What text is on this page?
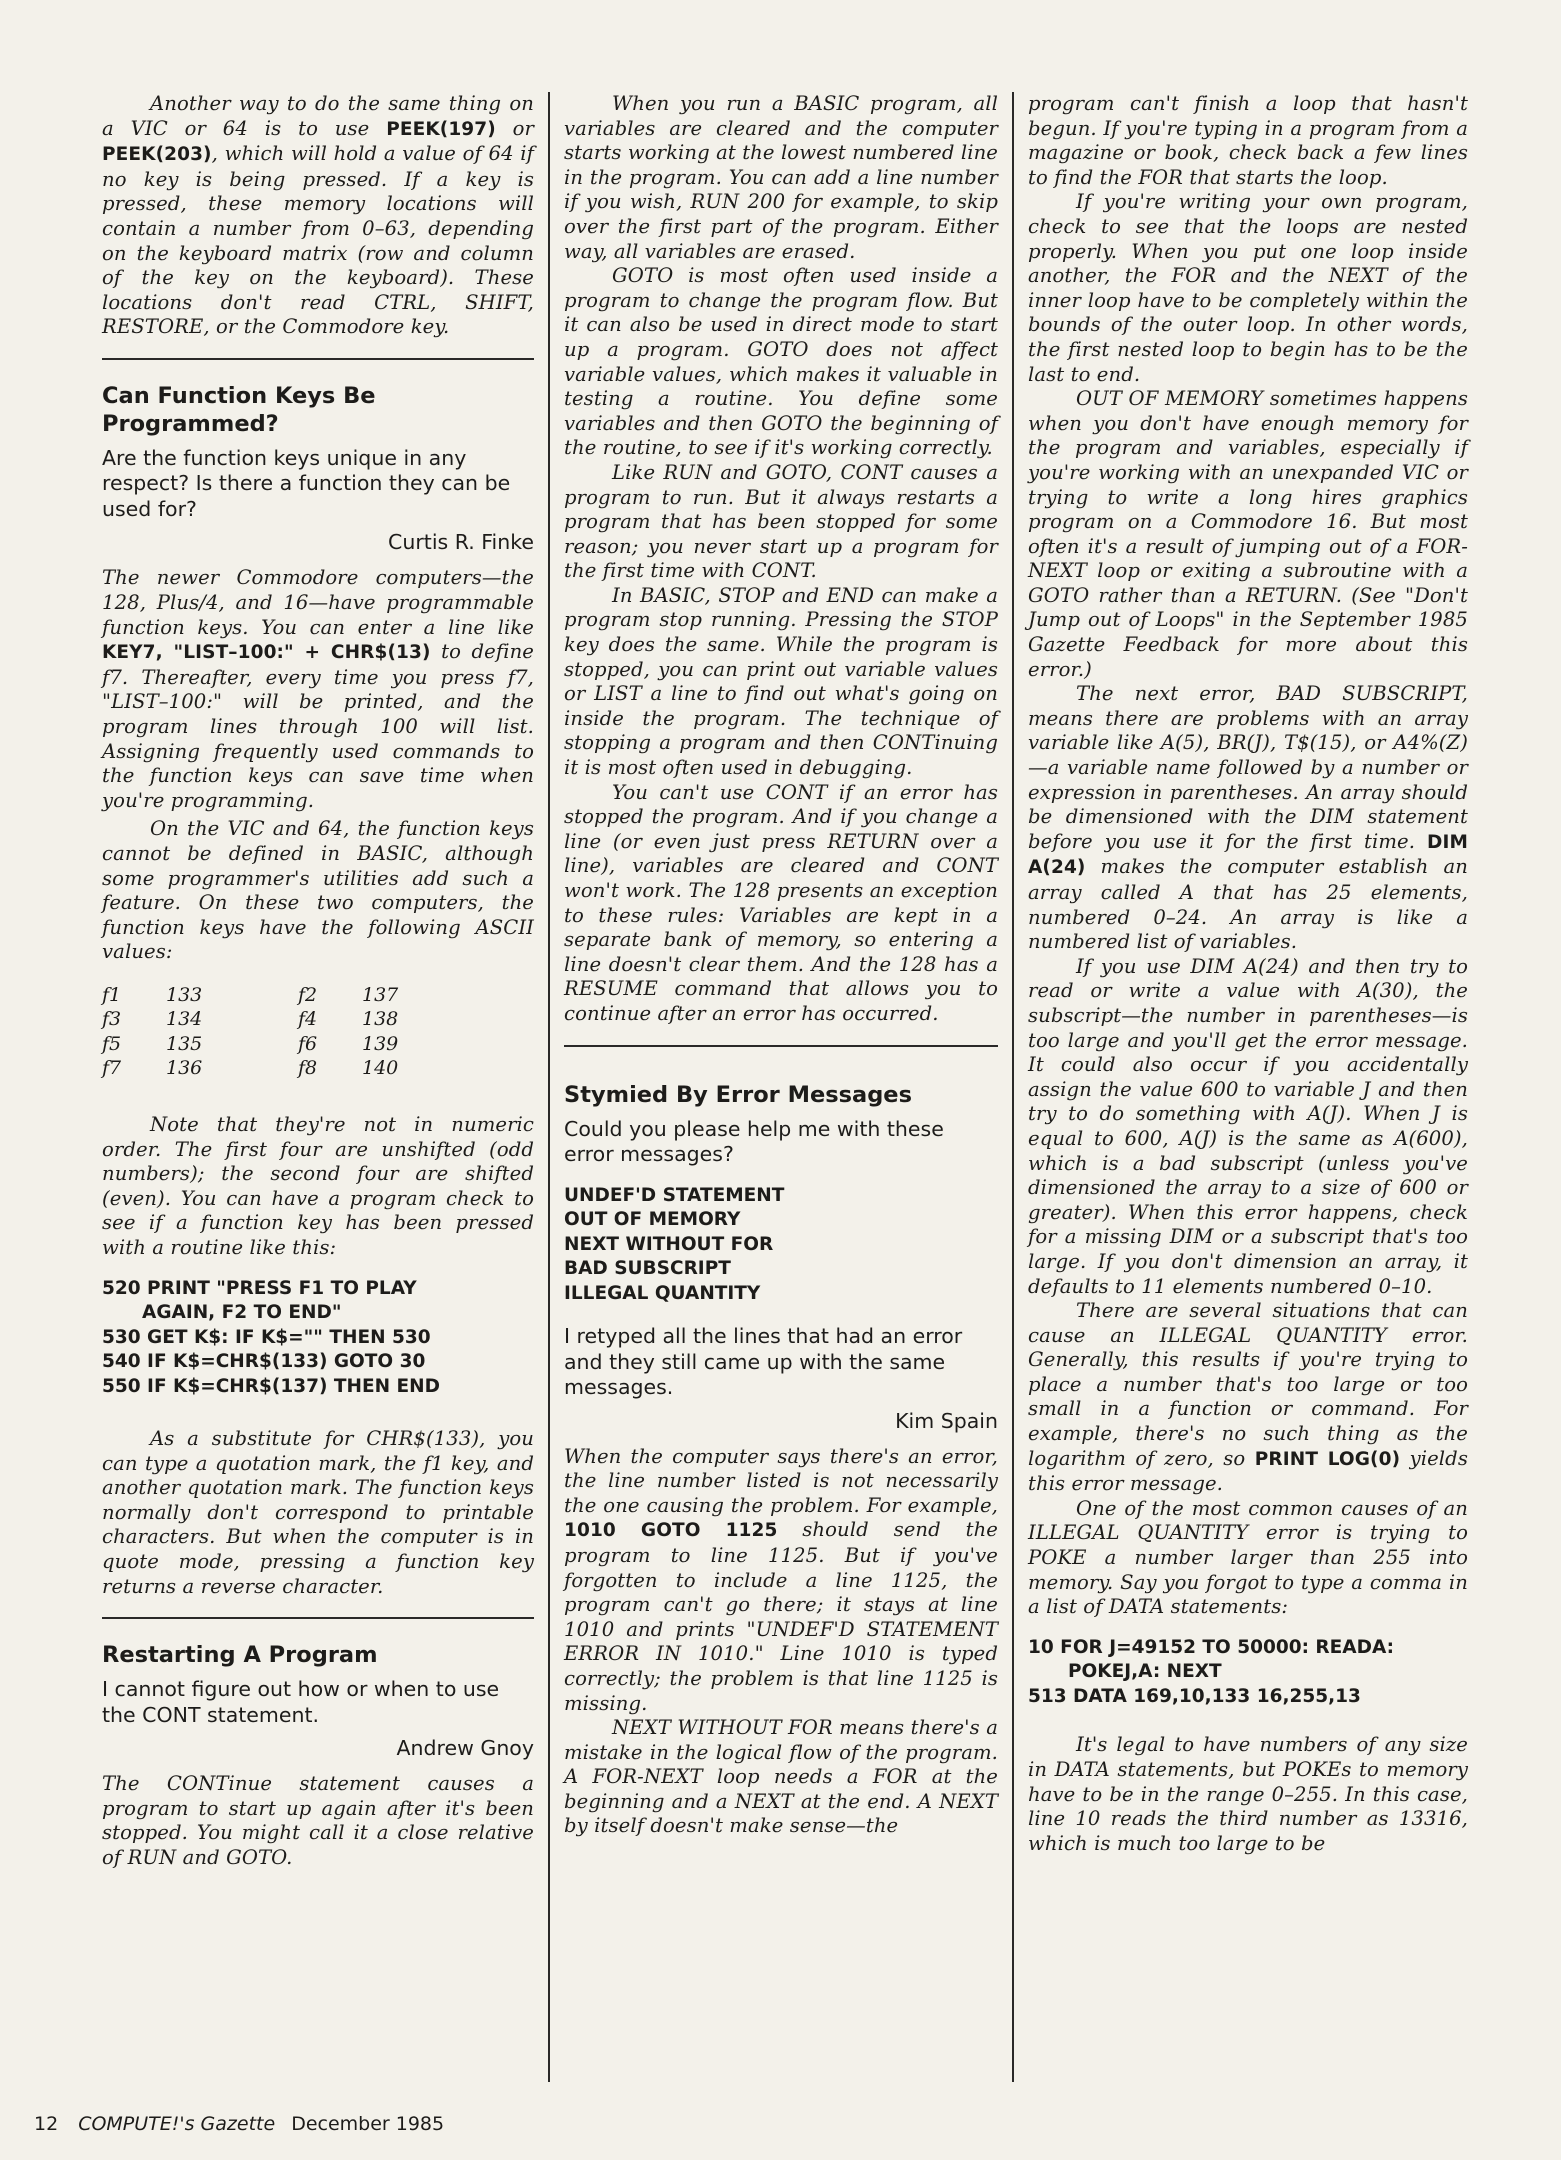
Another way to do the same thing on a VIC or 64 is to use PEEK(197) or PEEK(203), which will hold a value of 64 if no key is being pressed. If a key is pressed, these memory locations will contain a number from 0–63, depending on the keyboard matrix (row and column of the key on the keyboard). These locations don't read CTRL, SHIFT, RESTORE, or the Commodore key.

Can Function Keys Be Programmed?

Are the function keys unique in any respect? Is there a function they can be used for?

Curtis R. Finke

The newer Commodore computers—the 128, Plus/4, and 16—have programmable function keys. You can enter a line like KEY7, "LIST–100:" + CHR$(13) to define f7. Thereafter, every time you press f7, "LIST–100:" will be printed, and the program lines through 100 will list. Assigning frequently used commands to the function keys can save time when you're programming.

On the VIC and 64, the function keys cannot be defined in BASIC, although some programmer's utilities add such a feature. On these two computers, the function keys have the following ASCII values:

f1	133	f2	137
f3	134	f4	138
f5	135	f6	139
f7	136	f8	140

Note that they're not in numeric order. The first four are unshifted (odd numbers); the second four are shifted (even). You can have a program check to see if a function key has been pressed with a routine like this:

520 PRINT "PRESS F1 TO PLAY
AGAIN, F2 TO END"
530 GET K$: IF K$="" THEN 530
540 IF K$=CHR$(133) GOTO 30
550 IF K$=CHR$(137) THEN END

As a substitute for CHR$(133), you can type a quotation mark, the f1 key, and another quotation mark. The function keys normally don't correspond to printable characters. But when the computer is in quote mode, pressing a function key returns a reverse character.

Restarting A Program

I cannot figure out how or when to use the CONT statement.

Andrew Gnoy

The CONTinue statement causes a program to start up again after it's been stopped. You might call it a close relative of RUN and GOTO.

When you run a BASIC program, all variables are cleared and the computer starts working at the lowest numbered line in the program. You can add a line number if you wish, RUN 200 for example, to skip over the first part of the program. Either way, all variables are erased.

GOTO is most often used inside a program to change the program flow. But it can also be used in direct mode to start up a program. GOTO does not affect variable values, which makes it valuable in testing a routine. You define some variables and then GOTO the beginning of the routine, to see if it's working correctly.

Like RUN and GOTO, CONT causes a program to run. But it always restarts a program that has been stopped for some reason; you never start up a program for the first time with CONT.

In BASIC, STOP and END can make a program stop running. Pressing the STOP key does the same. While the program is stopped, you can print out variable values or LIST a line to find out what's going on inside the program. The technique of stopping a program and then CONTinuing it is most often used in debugging.

You can't use CONT if an error has stopped the program. And if you change a line (or even just press RETURN over a line), variables are cleared and CONT won't work. The 128 presents an exception to these rules: Variables are kept in a separate bank of memory, so entering a line doesn't clear them. And the 128 has a RESUME command that allows you to continue after an error has occurred.

Stymied By Error Messages

Could you please help me with these error messages?

UNDEF'D STATEMENT
OUT OF MEMORY
NEXT WITHOUT FOR
BAD SUBSCRIPT
ILLEGAL QUANTITY

I retyped all the lines that had an error and they still came up with the same messages.

Kim Spain

When the computer says there's an error, the line number listed is not necessarily the one causing the problem. For example, 1010 GOTO 1125 should send the program to line 1125. But if you've forgotten to include a line 1125, the program can't go there; it stays at line 1010 and prints "UNDEF'D STATEMENT ERROR IN 1010." Line 1010 is typed correctly; the problem is that line 1125 is missing.

NEXT WITHOUT FOR means there's a mistake in the logical flow of the program. A FOR-NEXT loop needs a FOR at the beginning and a NEXT at the end. A NEXT by itself doesn't make sense—the

program can't finish a loop that hasn't begun. If you're typing in a program from a magazine or book, check back a few lines to find the FOR that starts the loop.

If you're writing your own program, check to see that the loops are nested properly. When you put one loop inside another, the FOR and the NEXT of the inner loop have to be completely within the bounds of the outer loop. In other words, the first nested loop to begin has to be the last to end.

OUT OF MEMORY sometimes happens when you don't have enough memory for the program and variables, especially if you're working with an unexpanded VIC or trying to write a long hires graphics program on a Commodore 16. But most often it's a result of jumping out of a FOR-NEXT loop or exiting a subroutine with a GOTO rather than a RETURN. (See "Don't Jump out of Loops" in the September 1985 Gazette Feedback for more about this error.)

The next error, BAD SUBSCRIPT, means there are problems with an array variable like A(5), BR(J), T$(15), or A4%(Z)—a variable name followed by a number or expression in parentheses. An array should be dimensioned with the DIM statement before you use it for the first time. DIM A(24) makes the computer establish an array called A that has 25 elements, numbered 0–24. An array is like a numbered list of variables.

If you use DIM A(24) and then try to read or write a value with A(30), the subscript—the number in parentheses—is too large and you'll get the error message. It could also occur if you accidentally assign the value 600 to variable J and then try to do something with A(J). When J is equal to 600, A(J) is the same as A(600), which is a bad subscript (unless you've dimensioned the array to a size of 600 or greater). When this error happens, check for a missing DIM or a subscript that's too large. If you don't dimension an array, it defaults to 11 elements numbered 0–10.

There are several situations that can cause an ILLEGAL QUANTITY error. Generally, this results if you're trying to place a number that's too large or too small in a function or command. For example, there's no such thing as the logarithm of zero, so PRINT LOG(0) yields this error message.

One of the most common causes of an ILLEGAL QUANTITY error is trying to POKE a number larger than 255 into memory. Say you forgot to type a comma in a list of DATA statements:

10 FOR J=49152 TO 50000: READA:
POKEJ,A: NEXT
513 DATA 169,10,133 16,255,13

It's legal to have numbers of any size in DATA statements, but POKEs to memory have to be in the range 0–255. In this case, line 10 reads the third number as 13316, which is much too large to be

12 COMPUTE!'s Gazette December 1985
